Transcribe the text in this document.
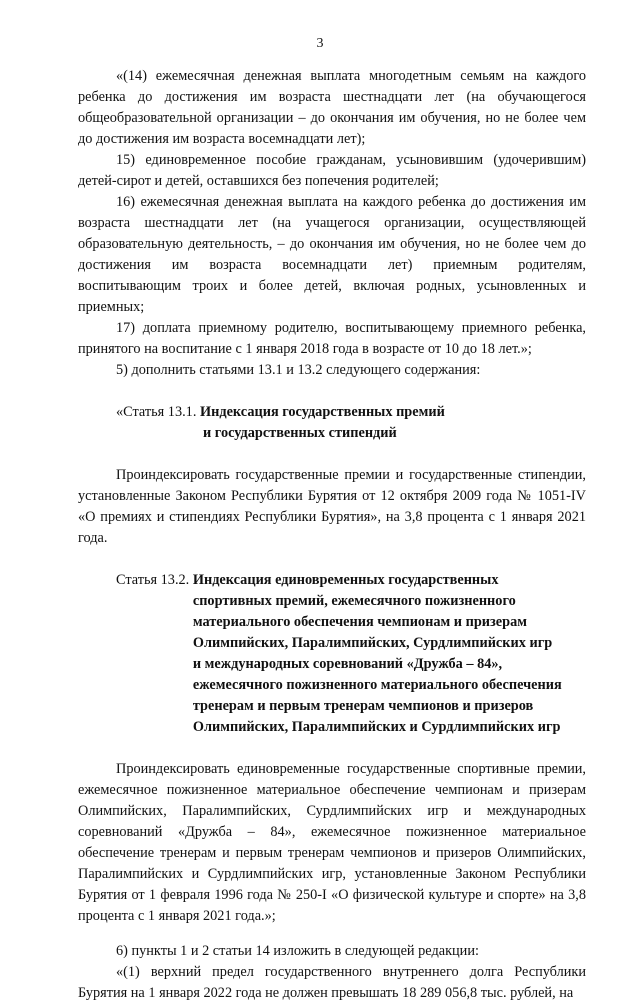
3

«(14) ежемесячная денежная выплата многодетным семьям на каждого ребенка до достижения им возраста шестнадцати лет (на обучающегося общеобразовательной организации – до окончания им обучения, но не более чем до достижения им возраста восемнадцати лет);

15) единовременное пособие гражданам, усыновившим (удочерившим) детей-сирот и детей, оставшихся без попечения родителей;

16) ежемесячная денежная выплата на каждого ребенка до достижения им возраста шестнадцати лет (на учащегося организации, осуществляющей образовательную деятельность, – до окончания им обучения, но не более чем до достижения им возраста восемнадцати лет) приемным родителям, воспитывающим троих и более детей, включая родных, усыновленных и приемных;

17) доплата приемному родителю, воспитывающему приемного ребенка, принятого на воспитание с 1 января 2018 года в возрасте от 10 до 18 лет.»;

5) дополнить статьями 13.1 и 13.2 следующего содержания:

«Статья 13.1. Индексация государственных премий
и государственных стипендий

Проиндексировать государственные премии и государственные стипендии, установленные Законом Республики Бурятия от 12 октября 2009 года № 1051-IV «О премиях и стипендиях Республики Бурятия», на 3,8 процента с 1 января 2021 года.

Статья 13.2. Индексация единовременных государственных
спортивных премий, ежемесячного пожизненного
материального обеспечения чемпионам и призерам
Олимпийских, Паралимпийских, Сурдлимпийских игр
и международных соревнований «Дружба – 84»,
ежемесячного пожизненного материального обеспечения
тренерам и первым тренерам чемпионов и призеров
Олимпийских, Паралимпийских и Сурдлимпийских игр

Проиндексировать единовременные государственные спортивные премии, ежемесячное пожизненное материальное обеспечение чемпионам и призерам Олимпийских, Паралимпийских, Сурдлимпийских игр и международных соревнований «Дружба – 84», ежемесячное пожизненное материальное обеспечение тренерам и первым тренерам чемпионов и призеров Олимпийских, Паралимпийских и Сурдлимпийских игр, установленные Законом Республики Бурятия от 1 февраля 1996 года № 250-I «О физической культуре и спорте» на 3,8 процента с 1 января 2021 года.»;

6) пункты 1 и 2 статьи 14 изложить в следующей редакции:

«(1) верхний предел государственного внутреннего долга Республики Бурятия на 1 января 2022 года не должен превышать 18 289 056,8 тыс. рублей, на
